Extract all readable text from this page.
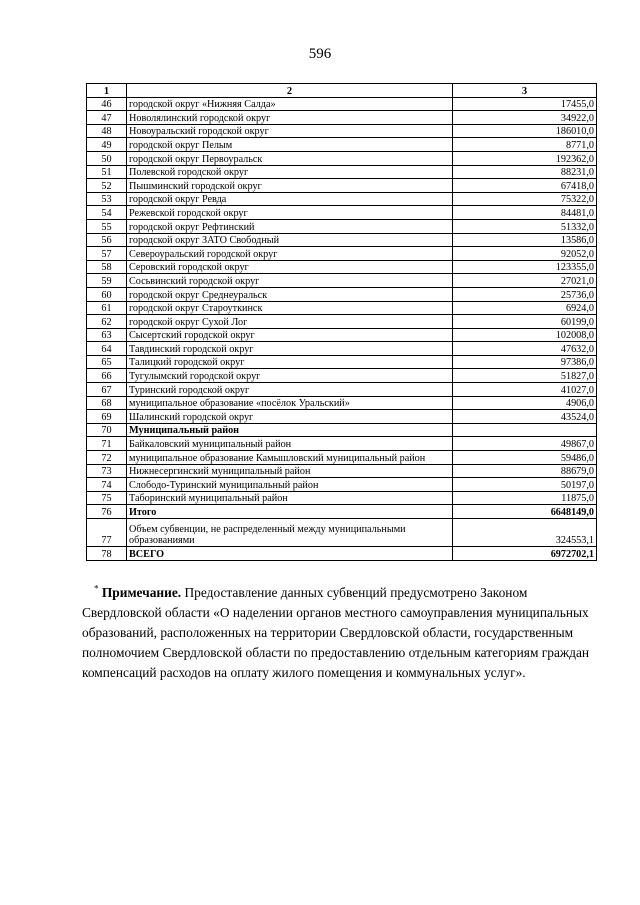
596
1	2	3
46	городской округ «Нижняя Салда»	17455,0
47	Новолялинский городской округ	34922,0
48	Новоуральский городской округ	186010,0
49	городской округ Пелым	8771,0
50	городской округ Первоуральск	192362,0
51	Полевской городской округ	88231,0
52	Пышминский городской округ	67418,0
53	городской округ Ревда	75322,0
54	Режевской городской округ	84481,0
55	городской округ Рефтинский	51332,0
56	городской округ ЗАТО Свободный	13586,0
57	Североуральский городской округ	92052,0
58	Серовский городской округ	123355,0
59	Сосьвинский городской округ	27021,0
60	городской округ Среднеуральск	25736,0
61	городской округ Староуткинск	6924,0
62	городской округ Сухой Лог	60199,0
63	Сысертский городской округ	102008,0
64	Тавдинский городской округ	47632,0
65	Талицкий городской округ	97386,0
66	Тугулымский городской округ	51827,0
67	Туринский городской округ	41027,0
68	муниципальное образование «посёлок Уральский»	4906,0
69	Шалинский городской округ	43524,0
70	Муниципальный район	
71	Байкаловский муниципальный район	49867,0
72	муниципальное образование Камышловский муниципальный район	59486,0
73	Нижнесергинский муниципальный район	88679,0
74	Слободо-Туринский муниципальный район	50197,0
75	Таборинский муниципальный район	11875,0
76	Итого	6648149,0
77	Объем субвенции, не распределенный между муниципальными образованиями	324553,1
78	ВСЕГО	6972702,1
* Примечание. Предоставление данных субвенций предусмотрено Законом Свердловской области «О наделении органов местного самоуправления муниципальных образований, расположенных на территории Свердловской области, государственным полномочием Свердловской области по предоставлению отдельным категориям граждан компенсаций расходов на оплату жилого помещения и коммунальных услуг».
